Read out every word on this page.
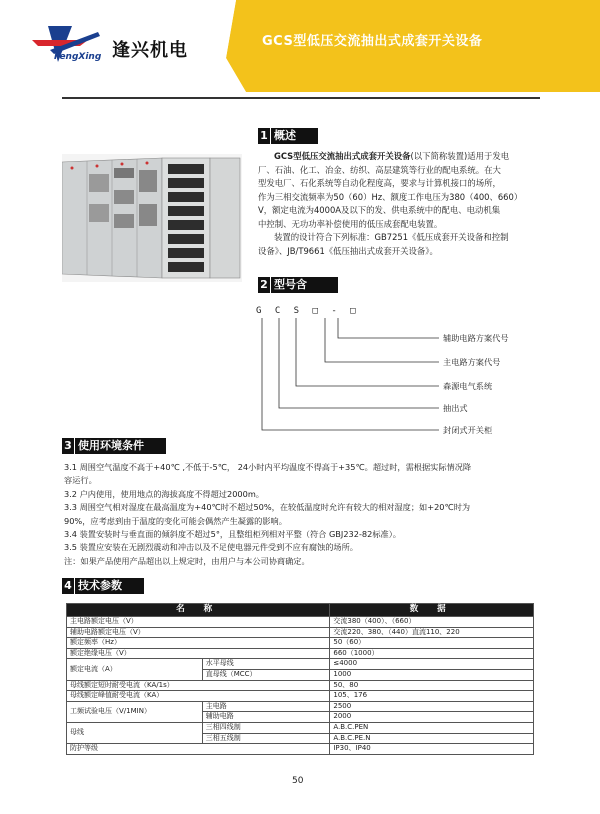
FengXing 逢兴机电	GCS型低压交流抽出式成套开关设备
1 概述
GCS型低压交流抽出式成套开关设备(以下简称装置)适用于发电
厂、石油、化工、冶金、纺织、高层建筑等行业的配电系统。在大
型发电厂、石化系统等自动化程度高，要求与计算机接口的场所，
作为三相交流频率为50（60）Hz、额度工作电压为380（400、660）
V，额定电流为4000A及以下的发、供电系统中的配电、电动机集
中控制、无功功率补偿使用的低压成套配电装置。
装置的设计符合下列标准：GB7251《低压成套开关设备和控制
设备》、JB/T9661《低压抽出式成套开关设备》。
2 型号含义
G C S □ - □
辅助电路方案代号
主电路方案代号
森源电气系统
抽出式
封闭式开关柜
3 使用环境条件
3.1 周围空气温度不高于+40℃ ,不低于-5℃， 24小时内平均温度不得高于+35℃。超过时，需根据实际情况降
容运行。
3.2 户内使用，使用地点的海拔高度不得超过2000m。
3.3 周围空气相对湿度在最高温度为+40℃时不超过50%，在较低温度时允许有较大的相对湿度；如+20℃时为
90%，应考虑到由于温度的变化可能会偶然产生凝露的影响。
3.4 装置安装时与垂直面的倾斜度不超过5°，且整组柜列相对平整（符合 GBJ232-82标准）。
3.5 装置应安装在无剧烈震动和冲击以及不足使电器元件受到不应有腐蚀的场所。
注：如果产品使用产品超出以上规定时，由用户与本公司协商确定。
4 技术参数
名 称		数 据
主电路额定电压（V）		交流380（400）、（660）
辅助电路额定电压（V）		交流220、380、（440）直流110、220
额定频率（Hz）		50（60）
额定绝缘电压（V）		660（1000）
额定电流（A）	水平母线	≤4000
	直母线（MCC）	1000
母线额定短时耐受电流（KA/1s）		50、80
母线额定峰值耐受电流（KA）		105、176
工频试验电压（V/1MIN）	主电路	2500
	辅助电路	2000
母线	三相四线制	A.B.C.PEN
	三相五线制	A.B.C.PE.N
防护等级		IP30、IP40
50
